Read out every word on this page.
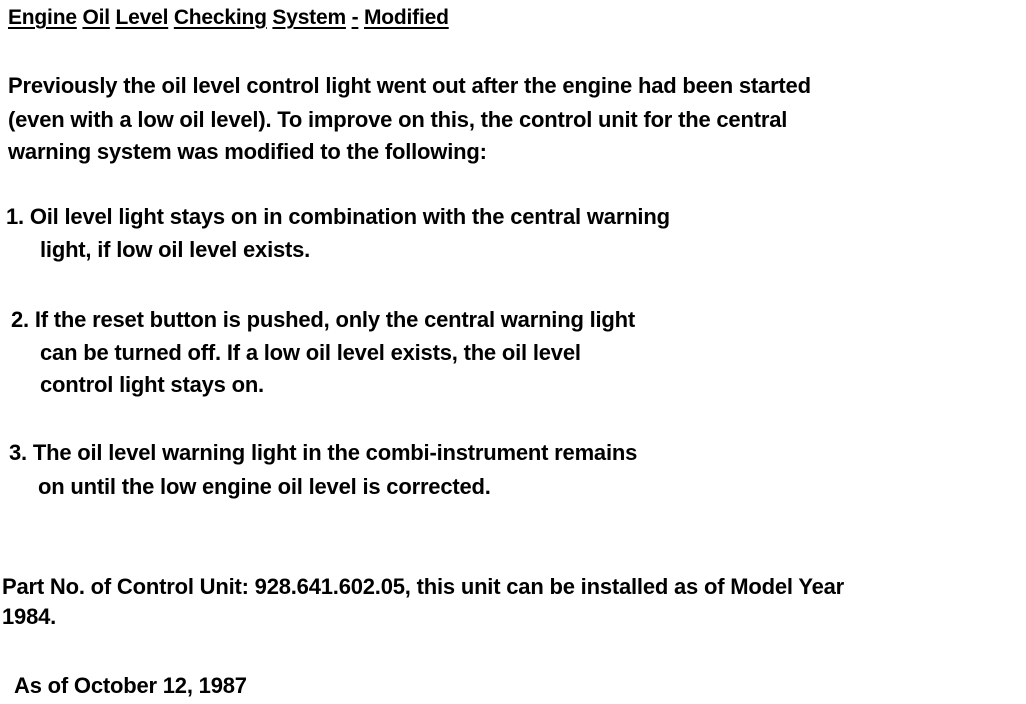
Engine Oil Level Checking System - Modified
Previously the oil level control light went out after the engine had been started
(even with a low oil level). To improve on this, the control unit for the central
warning system was modified to the following:
1. Oil level light stays on in combination with the central warning
light, if low oil level exists.
2. If the reset button is pushed, only the central warning light
can be turned off. If a low oil level exists, the oil level
control light stays on.
3. The oil level warning light in the combi-instrument remains
on until the low engine oil level is corrected.
Part No. of Control Unit: 928.641.602.05, this unit can be installed as of Model Year
1984.
As of October 12, 1987
